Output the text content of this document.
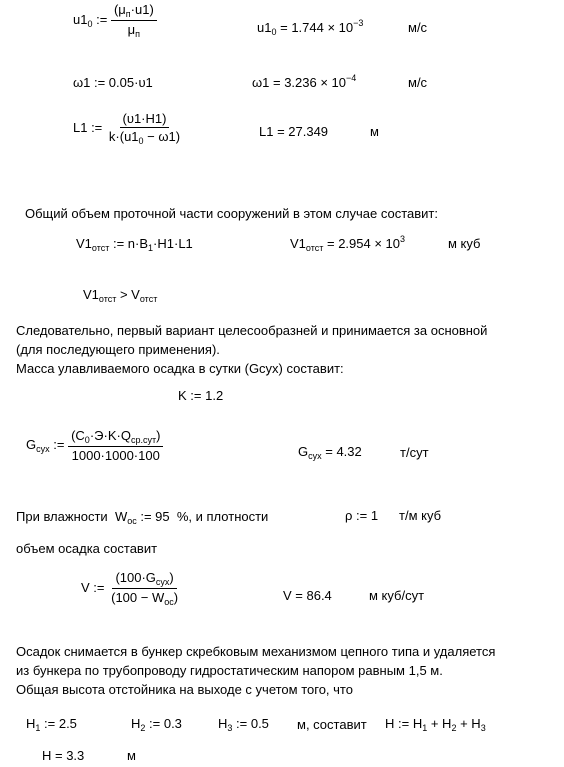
$u1_0$ := $\frac{(\mu_п\cdot u1)}{\mu_п}$	$u1_0 = 1.744 \times 10^{-3}$	м/с
ω1 := 0.05·υ1	$\omega 1 = 3.236 \times 10^{-4}$	м/с
L1 := $\frac{(\upsilon 1\cdot H1)}{k\cdot(u1_0 - \omega 1)}$	L1 = 27.349	м
Общий объем проточной части сооружений в этом случае составит:
$V1_{отст}$ := $n\cdot B_1\cdot H1\cdot L1$	$V1_{отст} = 2.954 \times 10^3$	м куб
$V1_{отст} > V_{отст}$
Следовательно, первый вариант целесообразней и принимается за основной
(для последующего применения).
Масса улавливаемого осадка в сутки (Gсух) составит:
K := 1.2
$G_{сух}$ := $\frac{(C_0\cdot Э\cdot K\cdot Q_{ср.сут})}{1000\cdot 1000\cdot 100}$	$G_{сух} = 4.32$	т/сут
При влажности $W_{ос}$ := 95 %, и плотности	ρ := 1 т/м куб
объем осадка составит
V := $\frac{(100\cdot G_{сух})}{(100 - W_{ос})}$	V = 86.4	м куб/сут
Осадок снимается в бункер скребковым механизмом цепного типа и удаляется
из бункера по трубопроводу гидростатическим напором равным 1,5 м.
Общая высота отстойника на выходе с учетом того, что
$H_1$ := 2.5	$H_2$ := 0.3	$H_3$ := 0.5 м, составит H := $H_1 + H_2 + H_3$
H = 3.3	м
